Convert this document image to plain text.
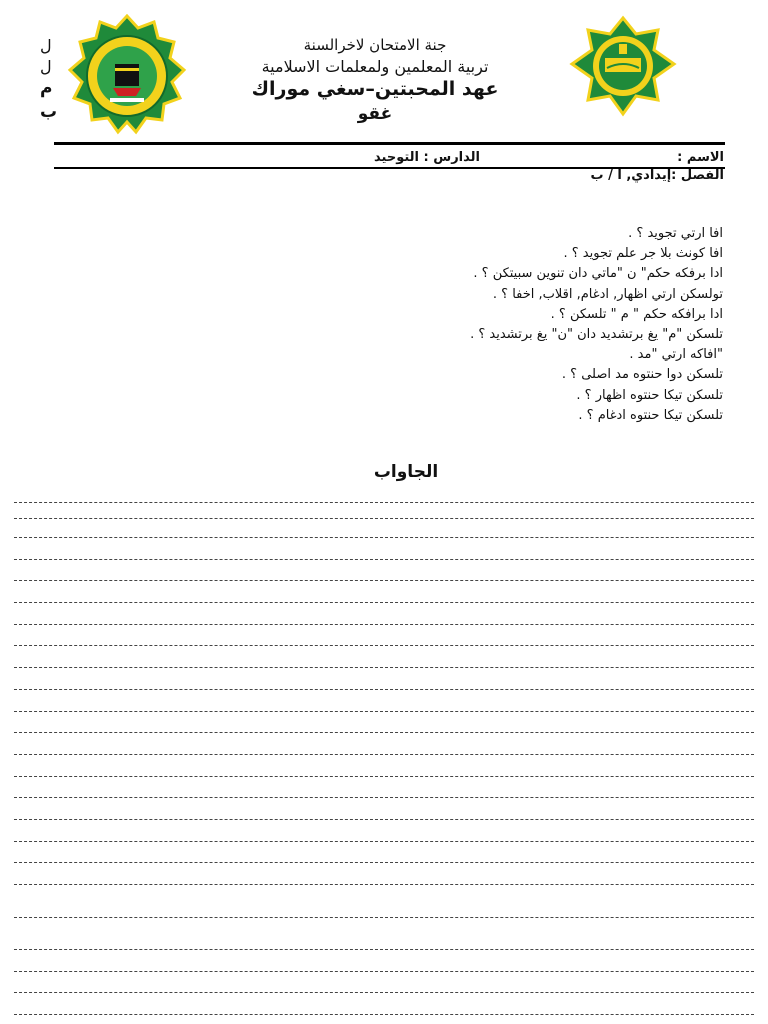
جنة الامتحان لاخرالسنة
تربية المعلمين ولمعلمات الاسلامية
عهد المحبتين–سغي موراك
غقو
ل
ل
م
ب
الاسم :
الدارس : التوحيد
الفصل :إيدادي, ا / ب
افا ارتي تجويد ؟ .
افا كونث بلا جر علم تجويد ؟ .
ادا برفكه حكم" ن "ماتي دان تنوين سبيتكن ؟ .
تولسكن ارتي اظهار, ادغام, اقلاب, اخفا ؟ .
ادا برافكه حكم " م " تلسكن ؟ .
تلسكن "م" يغ برتشديد دان "ن" يغ برتشديد ؟ .
"افاكه ارتي "مد .
تلسكن دوا حنتوه مد اصلى ؟ .
تلسكن تيكا حنتوه اظهار ؟ .
تلسكن تيكا حنتوه ادغام ؟ .
الجاواب
